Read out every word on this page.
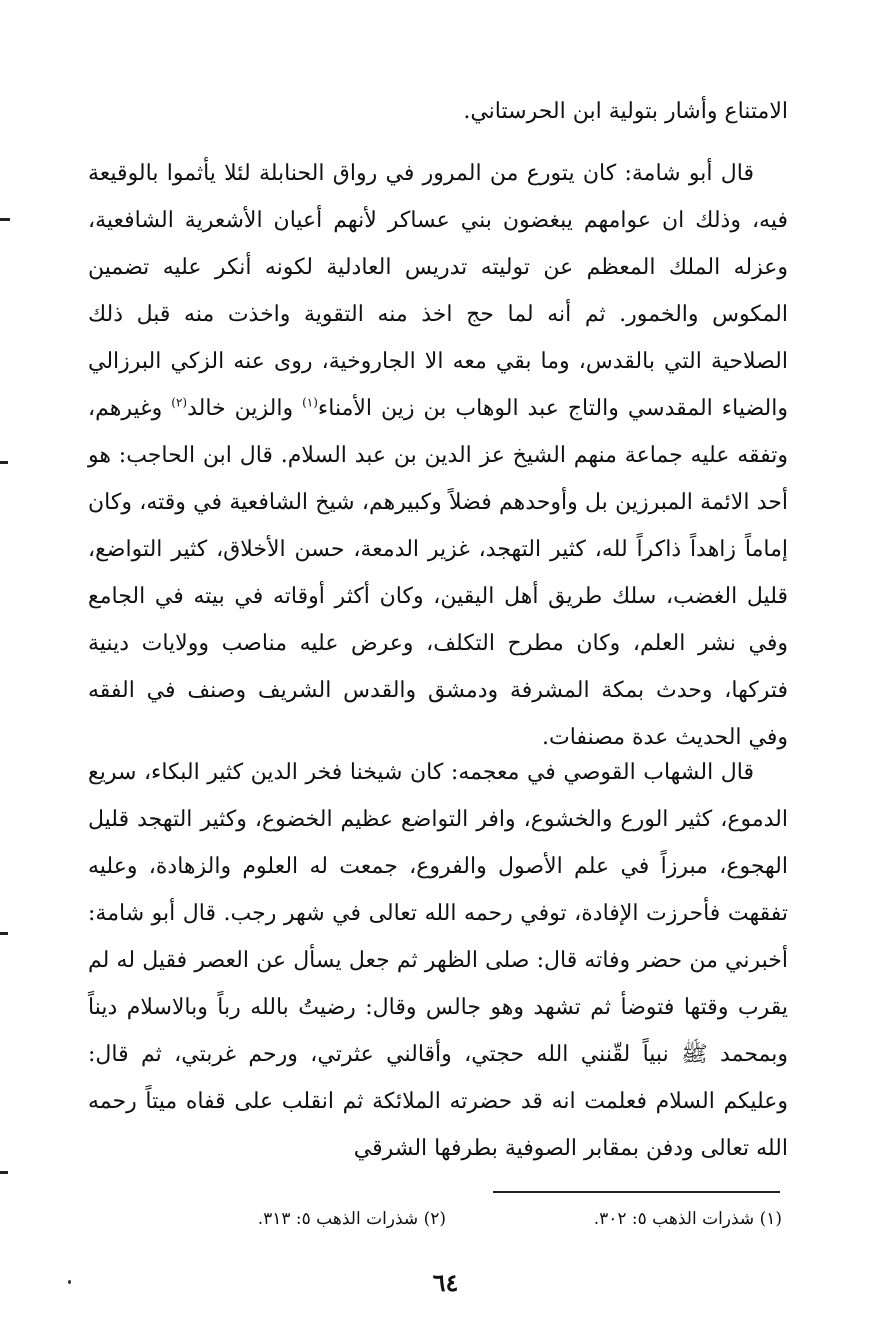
الامتناع وأشار بتولية ابن الحرستاني.

قال أبو شامة: كان يتورع من المرور في رواق الحنابلة لئلا يأثموا بالوقيعة فيه، وذلك ان عوامهم يبغضون بني عساكر لأنهم أعيان الأشعرية الشافعية، وعزله الملك المعظم عن توليته تدريس العادلية لكونه أنكر عليه تضمين المكوس والخمور. ثم أنه لما حج اخذ منه التقوية واخذت منه قبل ذلك الصلاحية التي بالقدس، وما بقي معه الا الجاروخية، روى عنه الزكي البرزالي والضياء المقدسي والتاج عبد الوهاب بن زين الأمناء$^{(١)}$ والزين خالد$^{(٢)}$ وغيرهم، وتفقه عليه جماعة منهم الشيخ عز الدين بن عبد السلام. قال ابن الحاجب: هو أحد الائمة المبرزين بل وأوحدهم فضلاً وكبيرهم، شيخ الشافعية في وقته، وكان إماماً زاهداً ذاكراً لله، كثير التهجد، غزير الدمعة، حسن الأخلاق، كثير التواضع، قليل الغضب، سلك طريق أهل اليقين، وكان أكثر أوقاته في بيته في الجامع وفي نشر العلم، وكان مطرح التكلف، وعرض عليه مناصب وولايات دينية فتركها، وحدث بمكة المشرفة ودمشق والقدس الشريف وصنف في الفقه وفي الحديث عدة مصنفات.

قال الشهاب القوصي في معجمه: كان شيخنا فخر الدين كثير البكاء، سريع الدموع، كثير الورع والخشوع، وافر التواضع عظيم الخضوع، وكثير التهجد قليل الهجوع، مبرزاً في علم الأصول والفروع، جمعت له العلوم والزهادة، وعليه تفقهت فأحرزت الإفادة، توفي رحمه الله تعالى في شهر رجب. قال أبو شامة: أخبرني من حضر وفاته قال: صلى الظهر ثم جعل يسأل عن العصر فقيل له لم يقرب وقتها فتوضأ ثم تشهد وهو جالس وقال: رضيتُ بالله رباً وبالاسلام ديناً وبمحمد ﷺ نبياً لقّنني الله حجتي، وأقالني عثرتي، ورحم غربتي، ثم قال: وعليكم السلام فعلمت انه قد حضرته الملائكة ثم انقلب على قفاه ميتاً رحمه الله تعالى ودفن بمقابر الصوفية بطرفها الشرقي

(١) شذرات الذهب ٥: ٣٠٢.
(٢) شذرات الذهب ٥: ٣١٣.
٦٤
